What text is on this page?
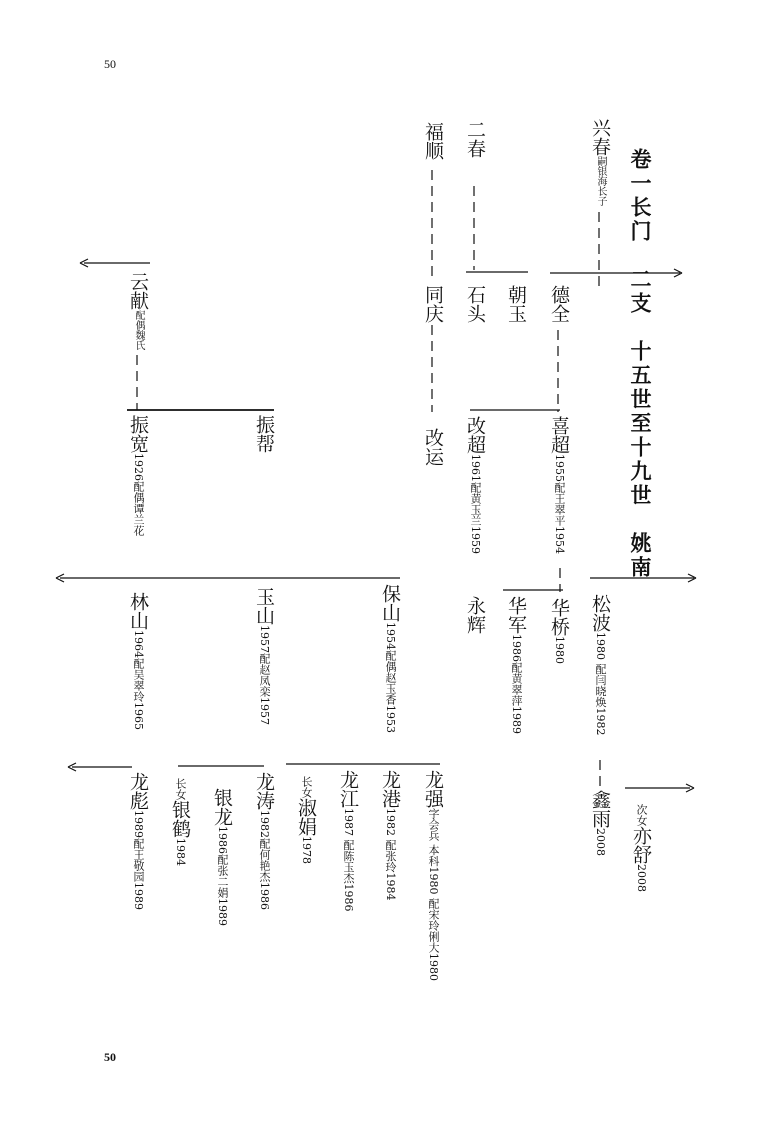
50
50
卷一长门　二支　十五世至十九世　姚南
兴春嗣银海长子
二春
福顺
德全
朝玉
石头
同庆
云献配偶魏氏
喜超1955配王翠平1954
改超1961配黄玉兰1959
永辉
改运
振帮
振宽1926配偶谭兰花
松波1980 配闫晓焕1982
华桥1980
华军1986配黄翠萍1989
保山1954配偶赵玉香1953
玉山1957配赵凤栾1957
林山1964配吴翠玲1965
鑫雨2008
次女亦舒2008
龙强字会兵 本科1980 配宋玲俐大1980
龙港1982 配张玲1984
龙江1987 配陈玉杰1986
长女淑娟1978
龙涛1982配何艳杰1986
银龙1986配张二娟1989
长女银鹤1984
龙彪1989配王敬园1989
